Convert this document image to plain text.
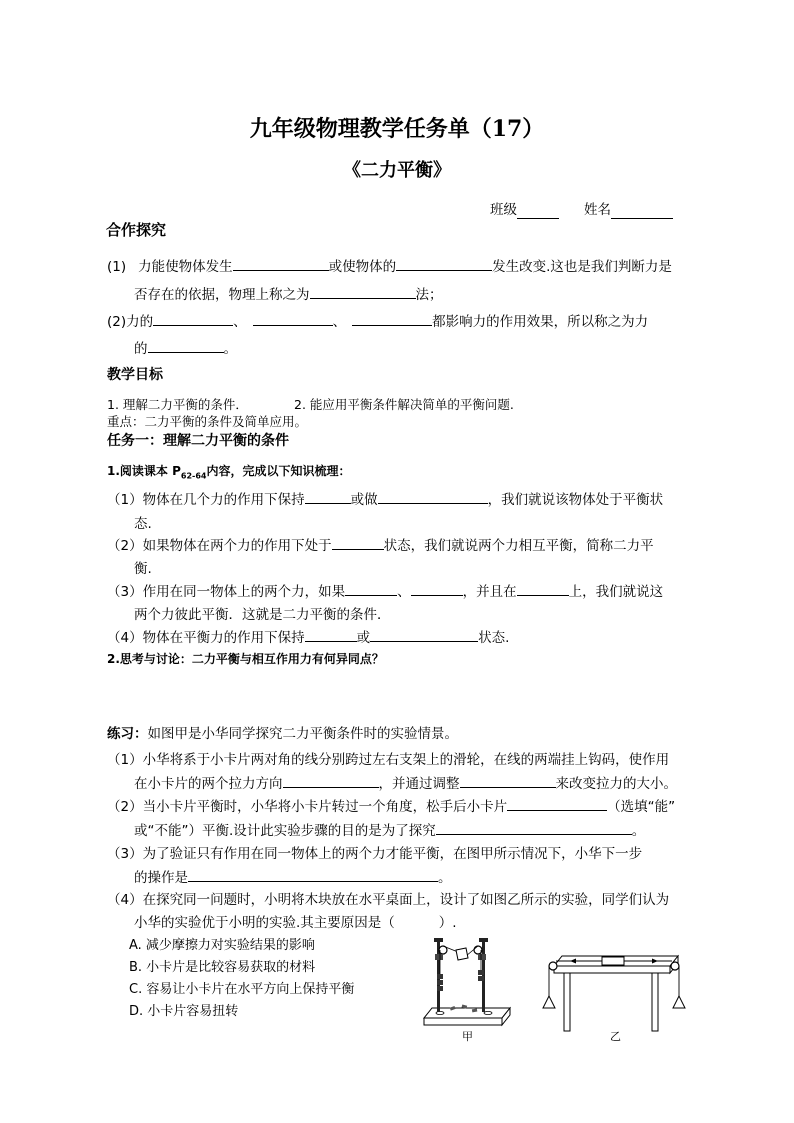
九年级物理教学任务单（17）
《二力平衡》
班级	姓名
合作探究
(1) 力能使物体发生	或使物体的	发生改变.这也是我们判断力是
否存在的依据，物理上称之为	法；
(2)力的	、	、	都影响力的作用效果，所以称之为力
的	。
教学目标
1. 理解二力平衡的条件．	2. 能应用平衡条件解决简单的平衡问题.
重点：二力平衡的条件及简单应用。
任务一：理解二力平衡的条件
1.阅读课本 $P_{62-64}$内容，完成以下知识梳理：
（1）物体在几个力的作用下保持	或做	，我们就说该物体处于平衡状
态.
（2）如果物体在两个力的作用下处于	状态，我们就说两个力相互平衡，简称二力平
衡.
（3）作用在同一物体上的两个力，如果	、	，并且在	上，我们就说这
两个力彼此平衡．这就是二力平衡的条件．
（4）物体在平衡力的作用下保持	或	状态.
2.思考与讨论：二力平衡与相互作用力有何异同点？
练习：如图甲是小华同学探究二力平衡条件时的实验情景。
（1）小华将系于小卡片两对角的线分别跨过左右支架上的滑轮，在线的两端挂上钩码，使作用
在小卡片的两个拉力方向	，并通过调整	来改变拉力的大小。
（2）当小卡片平衡时，小华将小卡片转过一个角度，松手后小卡片	（选填“能”
或“不能”）平衡.设计此实验步骤的目的是为了探究	。
（3）为了验证只有作用在同一物体上的两个力才能平衡，在图甲所示情况下，小华下一步
的操作是	。
（4）在探究同一问题时，小明将木块放在水平桌面上，设计了如图乙所示的实验，同学们认为
小华的实验优于小明的实验.其主要原因是（	）.
A. 减少摩擦力对实验结果的影响
B. 小卡片是比较容易获取的材料
C. 容易让小卡片在水平方向上保持平衡
D. 小卡片容易扭转
甲	乙
